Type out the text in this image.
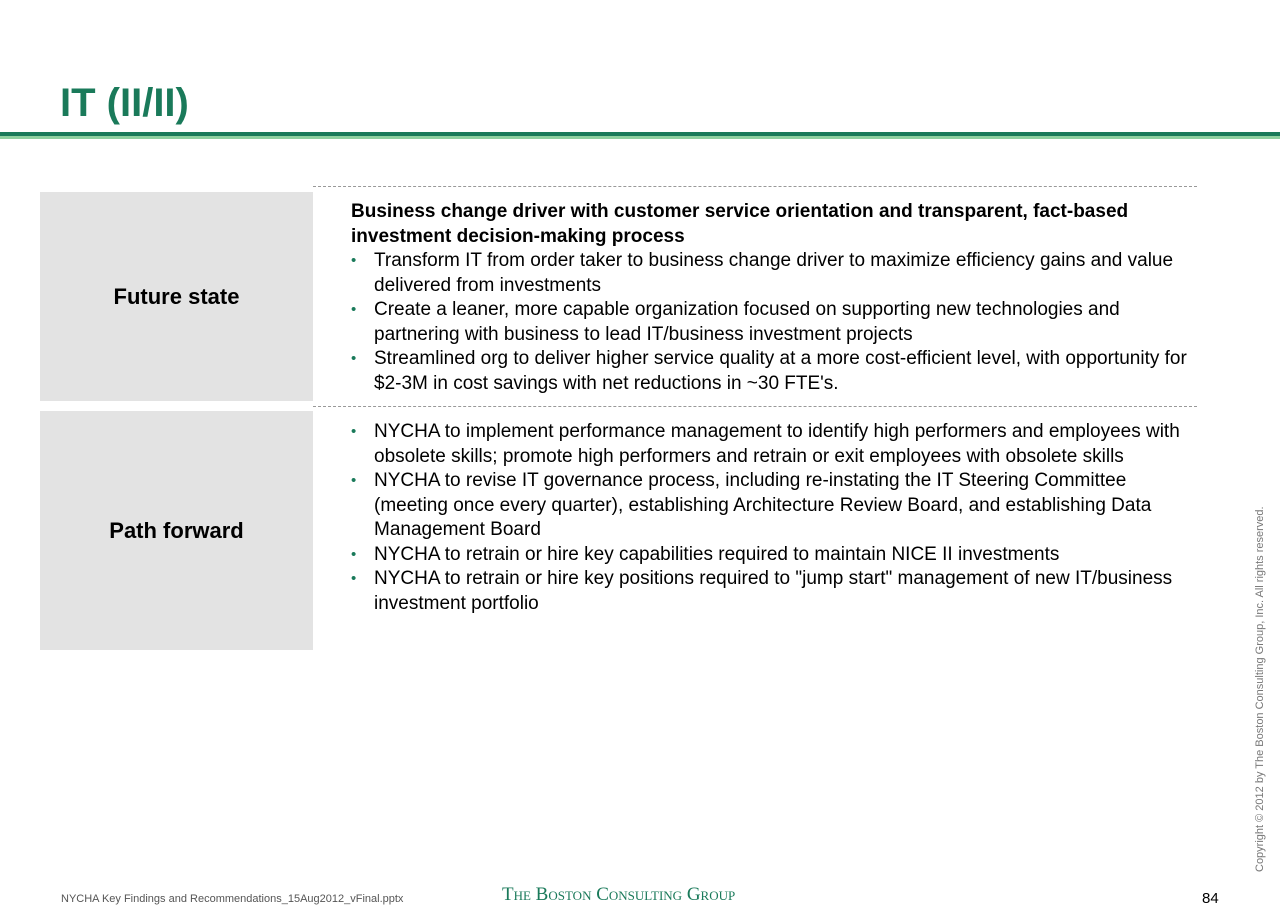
IT (II/II)
Future state
Business change driver with customer service orientation and transparent, fact-based investment decision-making process
• Transform IT from order taker to business change driver to maximize efficiency gains and value delivered from investments
• Create a leaner, more capable organization focused on supporting new technologies and partnering with business to lead IT/business investment projects
• Streamlined org to deliver higher service quality at a more cost-efficient level, with opportunity for $2-3M in cost savings with net reductions in ~30 FTE's.
Path forward
• NYCHA to implement performance management to identify high performers and employees with obsolete skills; promote high performers and retrain or exit employees with obsolete skills
• NYCHA to revise IT governance process, including re-instating the IT Steering Committee (meeting once every quarter), establishing Architecture Review Board, and establishing Data Management Board
• NYCHA to retrain or hire key capabilities required to maintain NICE II investments
• NYCHA to retrain or hire key positions required to "jump start" management of new IT/business investment portfolio
NYCHA Key Findings and Recommendations_15Aug2012_vFinal.pptx	The Boston Consulting Group	84
Copyright © 2012 by The Boston Consulting Group, Inc. All rights reserved.
